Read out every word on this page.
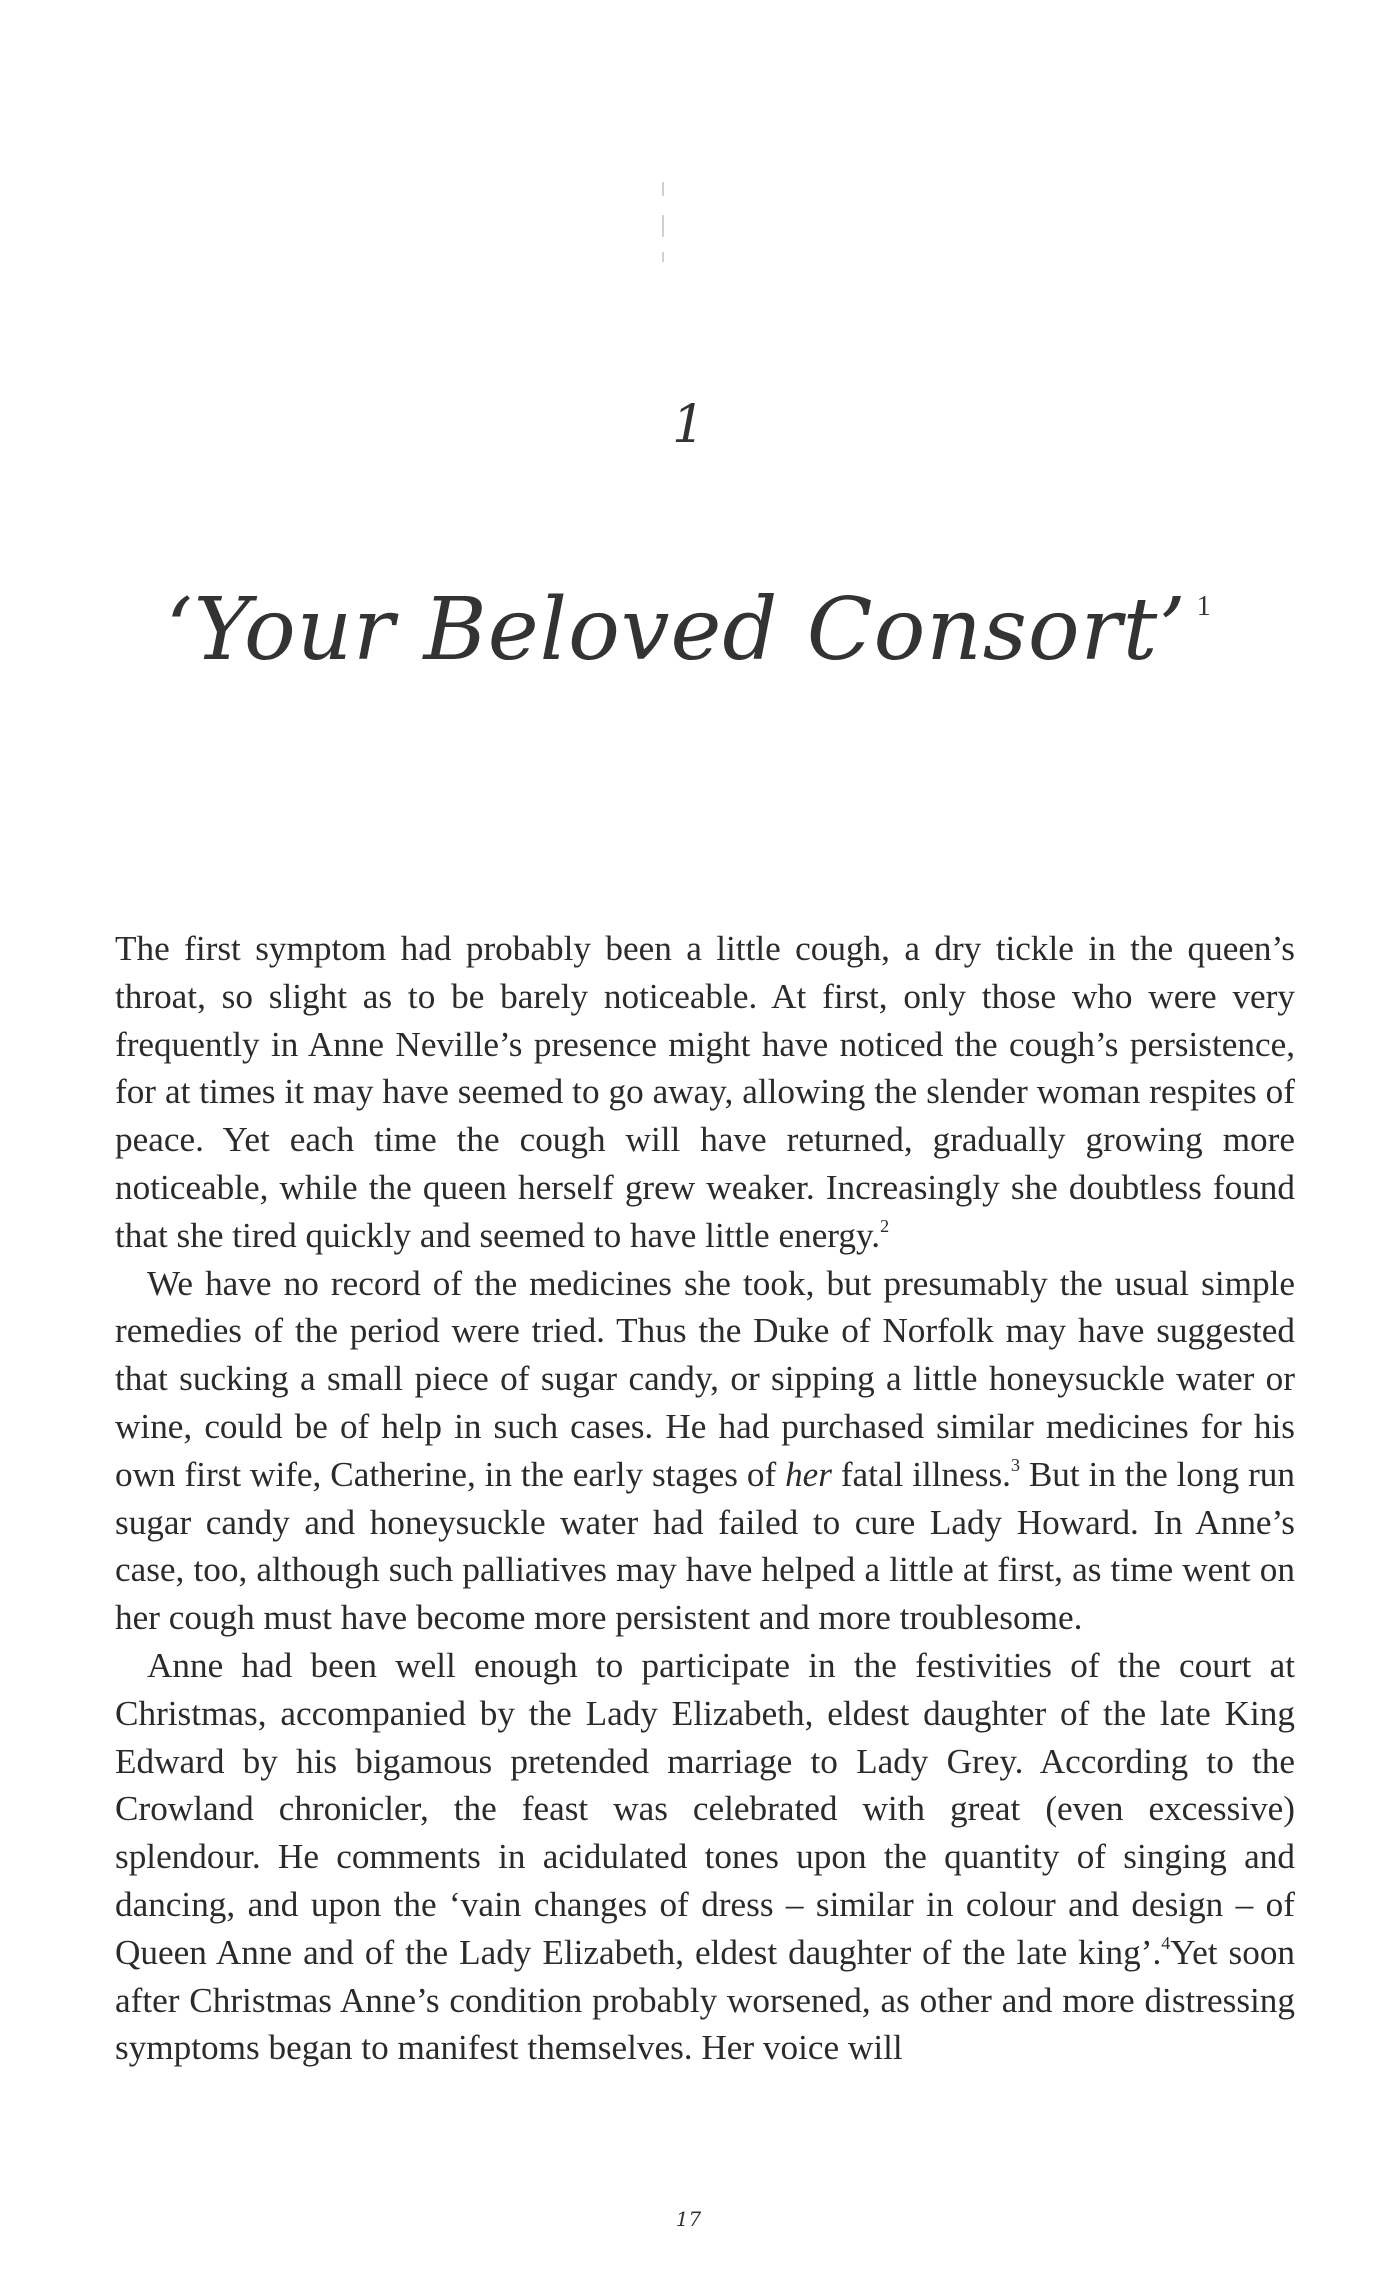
1
‘Your Beloved Consort’ $^1$

The first symptom had probably been a little cough, a dry tickle in the queen’s throat, so slight as to be barely noticeable. At first, only those who were very frequently in Anne Neville’s presence might have noticed the cough’s persistence, for at times it may have seemed to go away, allowing the slender woman respites of peace. Yet each time the cough will have returned, gradually growing more noticeable, while the queen herself grew weaker. Increasingly she doubtless found that she tired quickly and seemed to have little energy.$^2$

We have no record of the medicines she took, but presumably the usual simple remedies of the period were tried. Thus the Duke of Norfolk may have suggested that sucking a small piece of sugar candy, or sipping a little honeysuckle water or wine, could be of help in such cases. He had purchased similar medicines for his own first wife, Catherine, in the early stages of her fatal illness.$^3$ But in the long run sugar candy and honeysuckle water had failed to cure Lady Howard. In Anne’s case, too, although such palliatives may have helped a little at first, as time went on her cough must have become more persistent and more troublesome.

Anne had been well enough to participate in the festivities of the court at Christmas, accompanied by the Lady Elizabeth, eldest daughter of the late King Edward by his bigamous pretended marriage to Lady Grey. According to the Crowland chronicler, the feast was celebrated with great (even excessive) splendour. He comments in acidulated tones upon the quantity of singing and dancing, and upon the ‘vain changes of dress – similar in colour and design – of Queen Anne and of the Lady Elizabeth, eldest daughter of the late king’.$^4$Yet soon after Christmas Anne’s condition probably worsened, as other and more distressing symptoms began to manifest themselves. Her voice will

17
